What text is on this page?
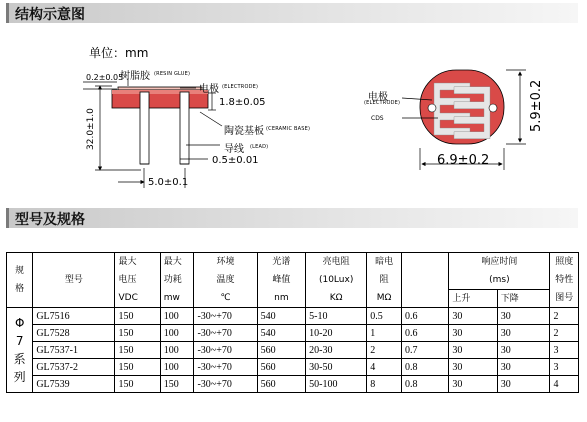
结构示意图
单位：mm
0.2±0.05
树脂胶 (RESIN GLUE)
电极 (ELECTRODE)
1.8±0.05
陶瓷基板 (CERAMIC BASE)
导线 (LEAD)
0.5±0.01
32.0±1.0
5.0±0.1
电极
(ELECTRODE)
CDS	5.9±0.2
6.9±0.2
型号及规格
规
格	型号	最大
电压
VDC	最大
功耗
mw	环境
温度
℃	光谱
峰值
nm	亮电阻
(10Lux)
KΩ	暗电
阻
MΩ		响应时间
(ms)		照度
特性
图号

									上升	下降	

Φ
7
系
列	GL7516	150	100	-30~+70	540	5-10	0.5	0.6	30	30	2
	GL7528	150	100	-30~+70	540	10-20	1	0.6	30	30	2
	GL7537-1	150	100	-30~+70	560	20-30	2	0.7	30	30	3
	GL7537-2	150	100	-30~+70	560	30-50	4	0.8	30	30	3
	GL7539	150	150	-30~+70	560	50-100	8	0.8	30	30	4
